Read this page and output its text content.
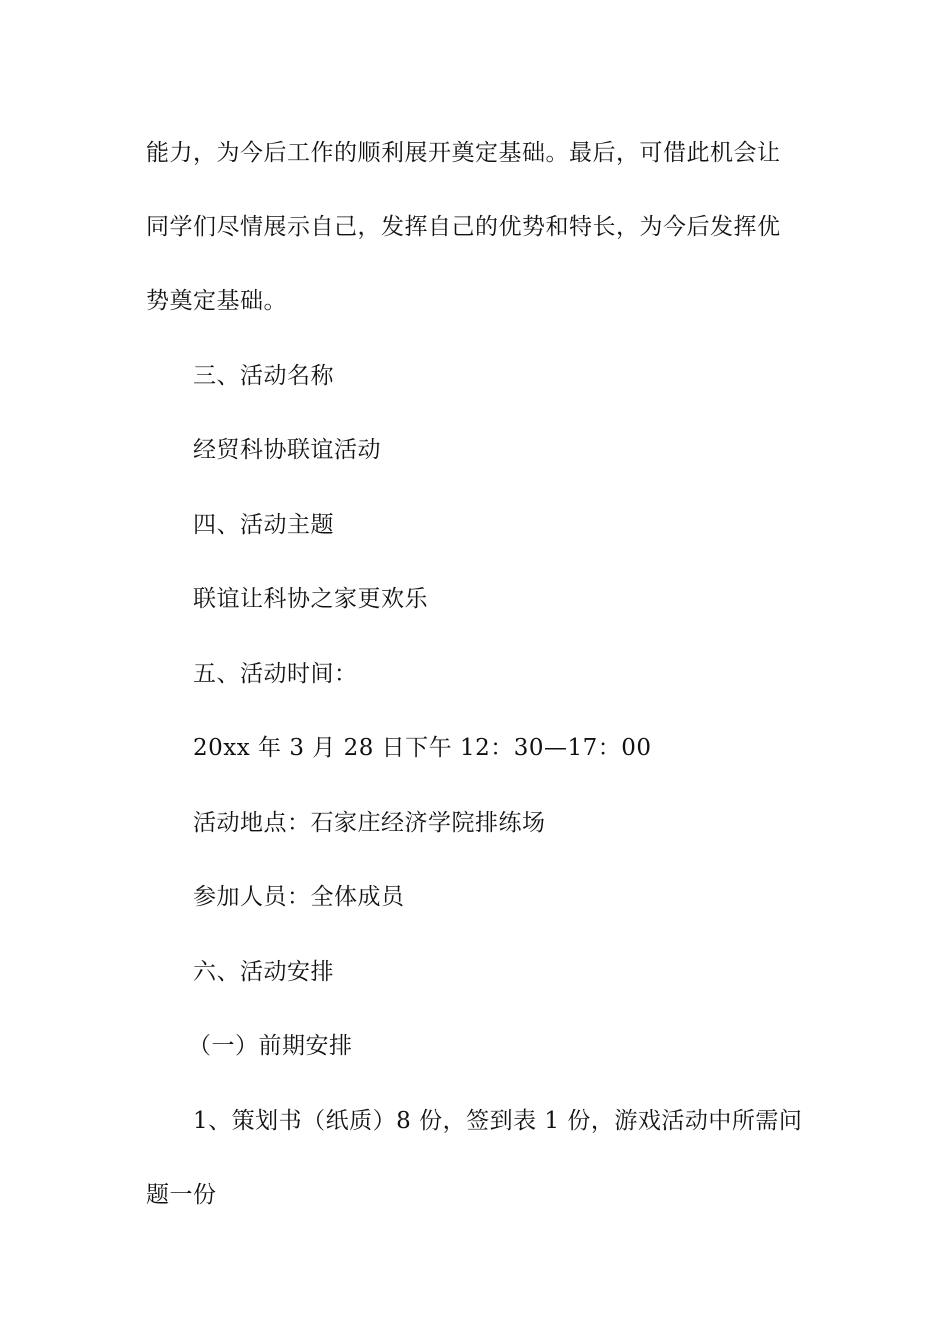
能力，为今后工作的顺利展开奠定基础。最后，可借此机会让
同学们尽情展示自己，发挥自己的优势和特长，为今后发挥优
势奠定基础。
三、活动名称
经贸科协联谊活动
四、活动主题
联谊让科协之家更欢乐
五、活动时间：
20xx 年 3 月 28 日下午 12：30—17：00
活动地点：石家庄经济学院排练场
参加人员：全体成员
六、活动安排
（一）前期安排
1、策划书（纸质）8 份，签到表 1 份，游戏活动中所需问
题一份
